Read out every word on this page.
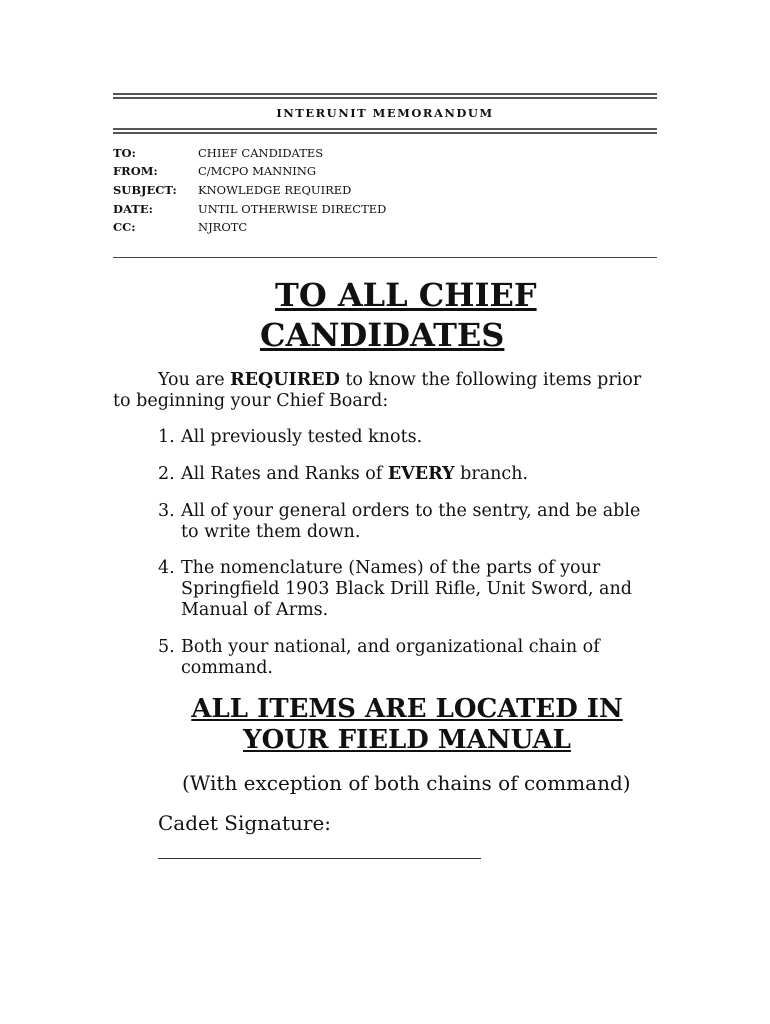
INTERUNIT MEMORANDUM
TO:	CHIEF CANDIDATES
FROM:	C/MCPO MANNING
SUBJECT:	KNOWLEDGE REQUIRED
DATE:	UNTIL OTHERWISE DIRECTED
CC:	NJROTC
TO ALL CHIEF
CANDIDATES
You are REQUIRED to know the following items prior
to beginning your Chief Board:
1. All previously tested knots.
2. All Rates and Ranks of EVERY branch.
3. All of your general orders to the sentry, and be able
to write them down.
4. The nomenclature (Names) of the parts of your
Springfield 1903 Black Drill Rifle, Unit Sword, and
Manual of Arms.
5. Both your national, and organizational chain of
command.
ALL ITEMS ARE LOCATED IN
YOUR FIELD MANUAL
(With exception of both chains of command)
Cadet Signature:
